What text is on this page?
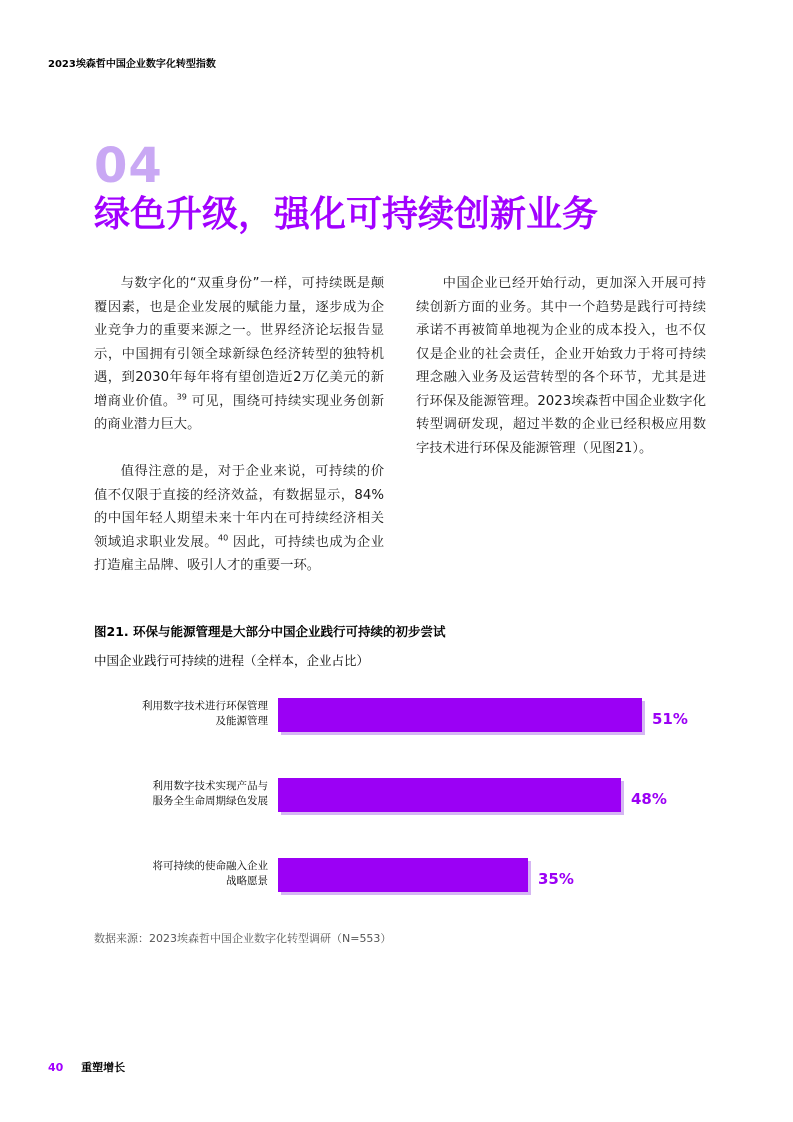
2023埃森哲中国企业数字化转型指数
04
绿色升级，强化可持续创新业务

与数字化的“双重身份”一样，可持续既是颠覆因素，也是企业发展的赋能力量，逐步成为企业竞争力的重要来源之一。世界经济论坛报告显示，中国拥有引领全球新绿色经济转型的独特机遇，到2030年每年将有望创造近2万亿美元的新增商业价值。$^{39}$ 可见，围绕可持续实现业务创新的商业潜力巨大。

值得注意的是，对于企业来说，可持续的价值不仅限于直接的经济效益，有数据显示，84%的中国年轻人期望未来十年内在可持续经济相关领域追求职业发展。$^{40}$ 因此，可持续也成为企业打造雇主品牌、吸引人才的重要一环。

中国企业已经开始行动，更加深入开展可持续创新方面的业务。其中一个趋势是践行可持续承诺不再被简单地视为企业的成本投入，也不仅仅是企业的社会责任，企业开始致力于将可持续理念融入业务及运营转型的各个环节，尤其是进行环保及能源管理。2023埃森哲中国企业数字化转型调研发现，超过半数的企业已经积极应用数字技术进行环保及能源管理（见图21）。

图21. 环保与能源管理是大部分中国企业践行可持续的初步尝试
中国企业践行可持续的进程（全样本，企业占比）
利用数字技术进行环保管理
及能源管理	51%
利用数字技术实现产品与
服务全生命周期绿色发展	48%
将可持续的使命融入企业
战略愿景	35%
数据来源：2023埃森哲中国企业数字化转型调研（N=553）
40 重塑增长
